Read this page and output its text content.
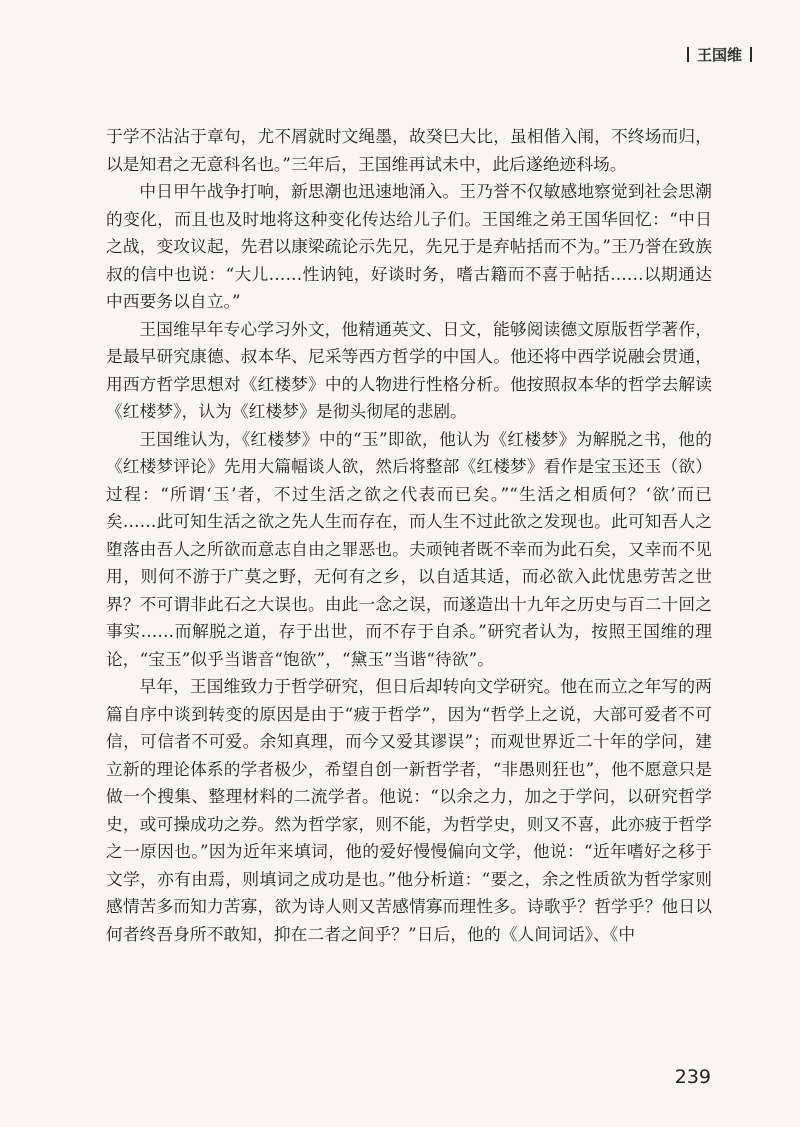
王国维

于学不沾沾于章句，尤不屑就时文绳墨，故癸巳大比，虽相偕入闱，不终场而归，以是知君之无意科名也。”三年后，王国维再试未中，此后遂绝迹科场。

中日甲午战争打响，新思潮也迅速地涌入。王乃誉不仅敏感地察觉到社会思潮的变化，而且也及时地将这种变化传达给儿子们。王国维之弟王国华回忆：“中日之战，变攻议起，先君以康梁疏论示先兄，先兄于是弃帖括而不为。”王乃誉在致族叔的信中也说：“大儿……性讷钝，好谈时务，嗜古籍而不喜于帖括……以期通达中西要务以自立。”

王国维早年专心学习外文，他精通英文、日文，能够阅读德文原版哲学著作，是最早研究康德、叔本华、尼采等西方哲学的中国人。他还将中西学说融会贯通，用西方哲学思想对《红楼梦》中的人物进行性格分析。他按照叔本华的哲学去解读《红楼梦》，认为《红楼梦》是彻头彻尾的悲剧。

王国维认为，《红楼梦》中的“玉”即欲，他认为《红楼梦》为解脱之书，他的《红楼梦评论》先用大篇幅谈人欲，然后将整部《红楼梦》看作是宝玉还玉（欲）过程：“所谓‘玉’者，不过生活之欲之代表而已矣。”“生活之相质何？‘欲’而已矣……此可知生活之欲之先人生而存在，而人生不过此欲之发现也。此可知吾人之堕落由吾人之所欲而意志自由之罪恶也。夫顽钝者既不幸而为此石矣，又幸而不见用，则何不游于广莫之野，无何有之乡，以自适其适，而必欲入此忧患劳苦之世界？不可谓非此石之大误也。由此一念之误，而遂造出十九年之历史与百二十回之事实……而解脱之道，存于出世，而不存于自杀。”研究者认为，按照王国维的理论，“宝玉”似乎当谐音“饱欲”，“黛玉”当谐“待欲”。

早年，王国维致力于哲学研究，但日后却转向文学研究。他在而立之年写的两篇自序中谈到转变的原因是由于“疲于哲学”，因为“哲学上之说，大部可爱者不可信，可信者不可爱。余知真理，而今又爱其谬误”；而观世界近二十年的学问，建立新的理论体系的学者极少，希望自创一新哲学者，“非愚则狂也”，他不愿意只是做一个搜集、整理材料的二流学者。他说：“以余之力，加之于学问，以研究哲学史，或可操成功之券。然为哲学家，则不能，为哲学史，则又不喜，此亦疲于哲学之一原因也。”因为近年来填词，他的爱好慢慢偏向文学，他说：“近年嗜好之移于文学，亦有由焉，则填词之成功是也。”他分析道：“要之，余之性质欲为哲学家则感情苦多而知力苦寡，欲为诗人则又苦感情寡而理性多。诗歌乎？哲学乎？他日以何者终吾身所不敢知，抑在二者之间乎？”日后，他的《人间词话》、《中

239
